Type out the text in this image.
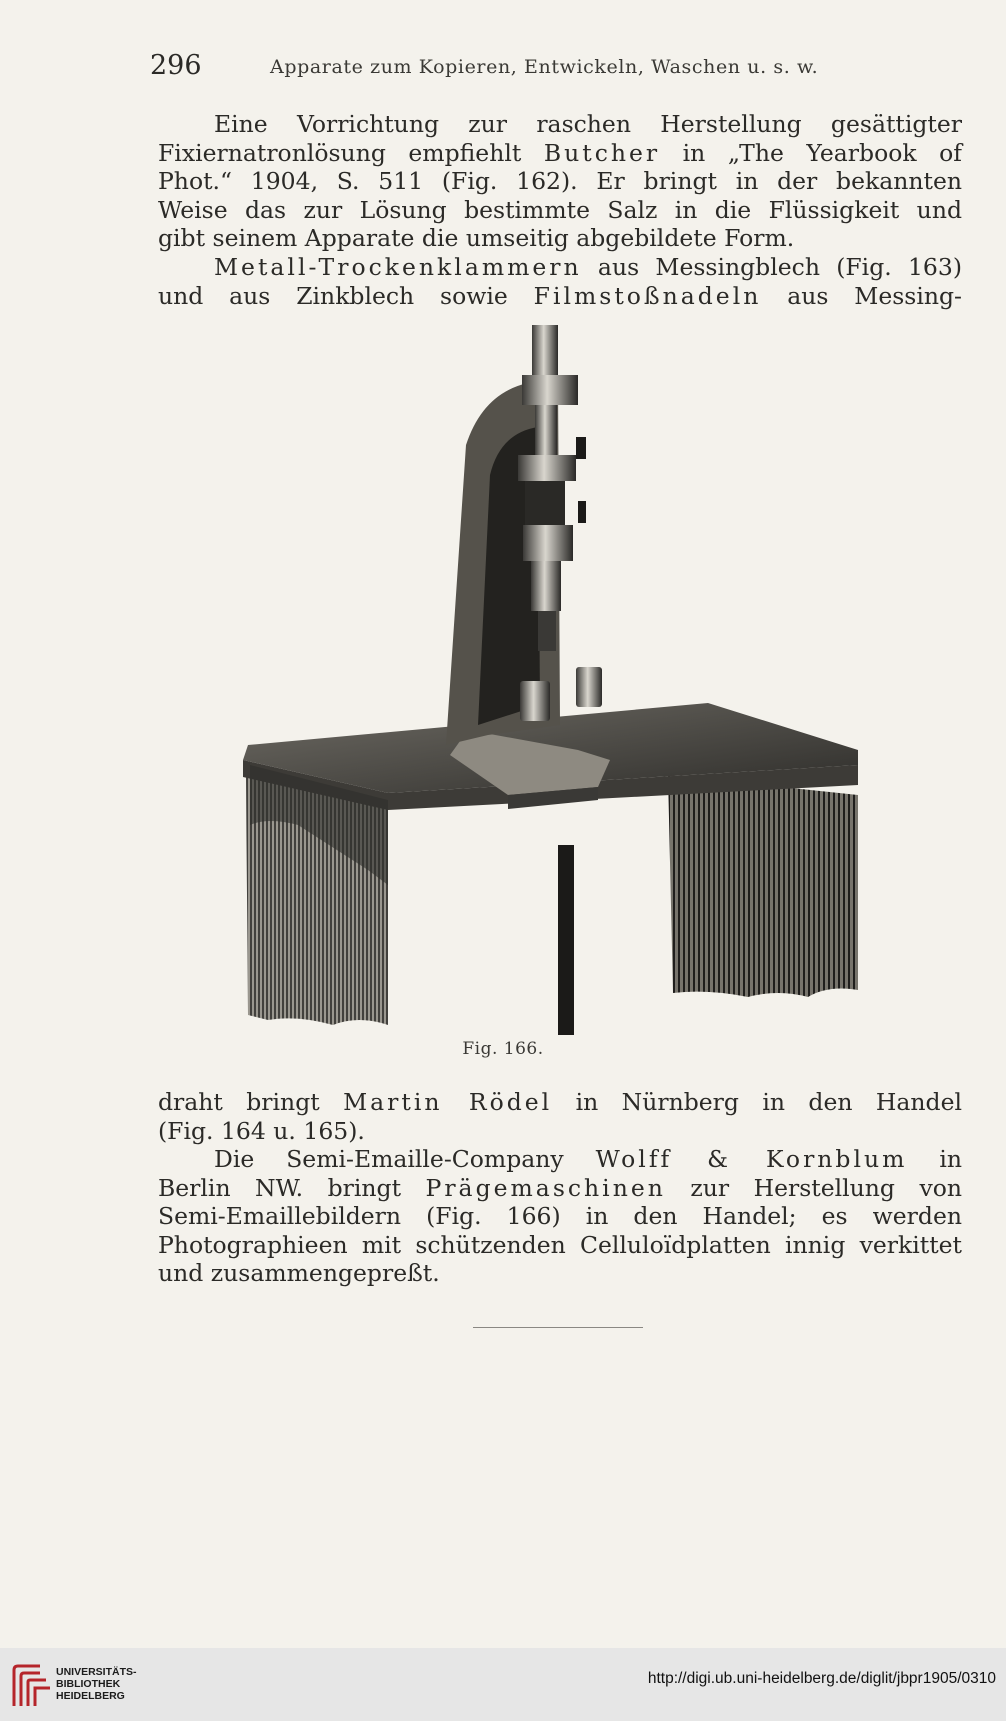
296	Apparate zum Kopieren, Entwickeln, Waschen u. s. w.
Eine Vorrichtung zur raschen Herstellung gesättigter
Fixiernatronlösung empfiehlt Butcher in „The Yearbook of
Phot.“ 1904, S. 511 (Fig. 162). Er bringt in der bekannten
Weise das zur Lösung bestimmte Salz in die Flüssigkeit und
gibt seinem Apparate die umseitig abgebildete Form.
Metall-Trockenklammern aus Messingblech (Fig. 163)
und aus Zinkblech sowie Filmstoßnadeln aus Messing-
Fig. 166.
draht bringt Martin Rödel in Nürnberg in den Handel
(Fig. 164 u. 165).
Die Semi-Emaille-Company Wolff & Kornblum in
Berlin NW. bringt Prägemaschinen zur Herstellung von
Semi-Emaillebildern (Fig. 166) in den Handel; es werden
Photographieen mit schützenden Celluloïdplatten innig verkittet
und zusammengepreßt.
UNIVERSITÄTS-
BIBLIOTHEK
HEIDELBERG
http://digi.ub.uni-heidelberg.de/diglit/jbpr1905/0310
